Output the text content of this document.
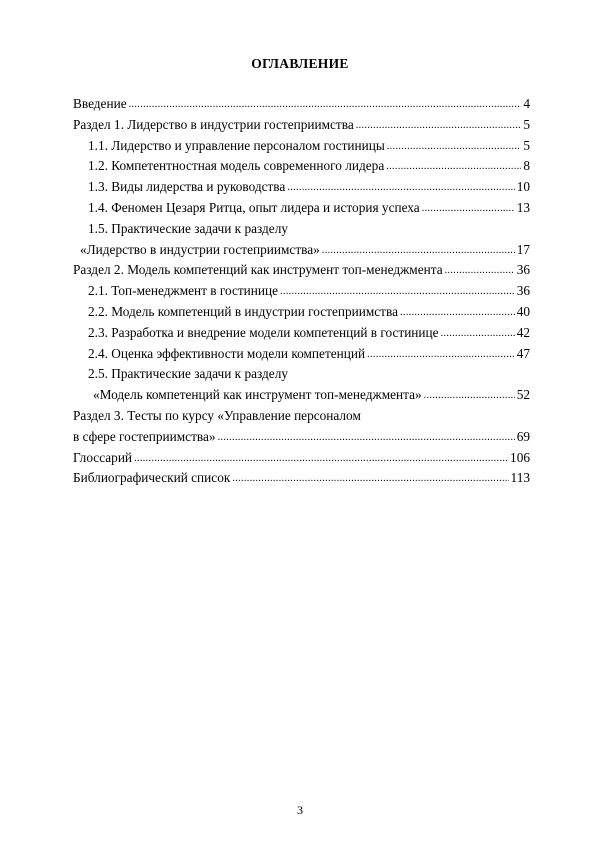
ОГЛАВЛЕНИЕ
Введение .....	4
Раздел 1. Лидерство в индустрии гостеприимства .....	5
1.1. Лидерство и управление персоналом гостиницы .....	5
1.2. Компетентностная модель современного лидера .....	8
1.3. Виды лидерства и руководства .....	10
1.4. Феномен Цезаря Ритца, опыт лидера и история успеха .....	13
1.5. Практические задачи к разделу
«Лидерство в индустрии гостеприимства» .....	17
Раздел 2. Модель компетенций как инструмент топ-менеджмента .....	36
2.1. Топ-менеджмент в гостинице .....	36
2.2. Модель компетенций в индустрии гостеприимства .....	40
2.3. Разработка и внедрение модели компетенций в гостинице .....	42
2.4. Оценка эффективности модели компетенций .....	47
2.5. Практические задачи к разделу
«Модель компетенций как инструмент топ-менеджмента» .....	52
Раздел 3. Тесты по курсу «Управление персоналом
в сфере гостеприимства» .....	69
Глоссарий .....	106
Библиографический список .....	113
3
